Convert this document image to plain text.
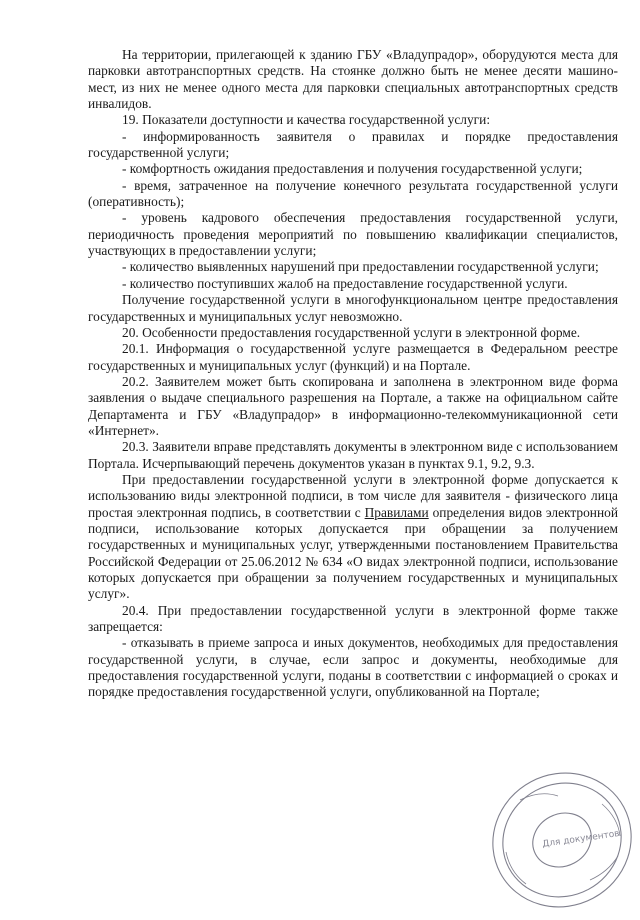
На территории, прилегающей к зданию ГБУ «Владупрадор», оборудуются места для парковки автотранспортных средств. На стоянке должно быть не менее десяти машино-мест, из них не менее одного места для парковки специальных автотранспортных средств инвалидов.

19. Показатели доступности и качества государственной услуги:

- информированность заявителя о правилах и порядке предоставления государственной услуги;

- комфортность ожидания предоставления и получения государственной услуги;

- время, затраченное на получение конечного результата государственной услуги (оперативность);

- уровень кадрового обеспечения предоставления государственной услуги, периодичность проведения мероприятий по повышению квалификации специалистов, участвующих в предоставлении услуги;

- количество выявленных нарушений при предоставлении государственной услуги;

- количество поступивших жалоб на предоставление государственной услуги.

Получение государственной услуги в многофункциональном центре предоставления государственных и муниципальных услуг невозможно.

20. Особенности предоставления государственной услуги в электронной форме.

20.1. Информация о государственной услуге размещается в Федеральном реестре государственных и муниципальных услуг (функций) и на Портале.

20.2. Заявителем может быть скопирована и заполнена в электронном виде форма заявления о выдаче специального разрешения на Портале, а также на официальном сайте Департамента и ГБУ «Владупрадор» в информационно-телекоммуникационной сети «Интернет».

20.3. Заявители вправе представлять документы в электронном виде с использованием Портала. Исчерпывающий перечень документов указан в пунктах 9.1, 9.2, 9.3.

При предоставлении государственной услуги в электронной форме допускается к использованию виды электронной подписи, в том числе для заявителя - физического лица простая электронная подпись, в соответствии с Правилами определения видов электронной подписи, использование которых допускается при обращении за получением государственных и муниципальных услуг, утвержденными постановлением Правительства Российской Федерации от 25.06.2012 № 634 «О видах электронной подписи, использование которых допускается при обращении за получением государственных и муниципальных услуг».

20.4. При предоставлении государственной услуги в электронной форме также запрещается:

- отказывать в приеме запроса и иных документов, необходимых для предоставления государственной услуги, в случае, если запрос и документы, необходимые для предоставления государственной услуги, поданы в соответствии с информацией о сроках и порядке предоставления государственной услуги, опубликованной на Портале;

Для документов
